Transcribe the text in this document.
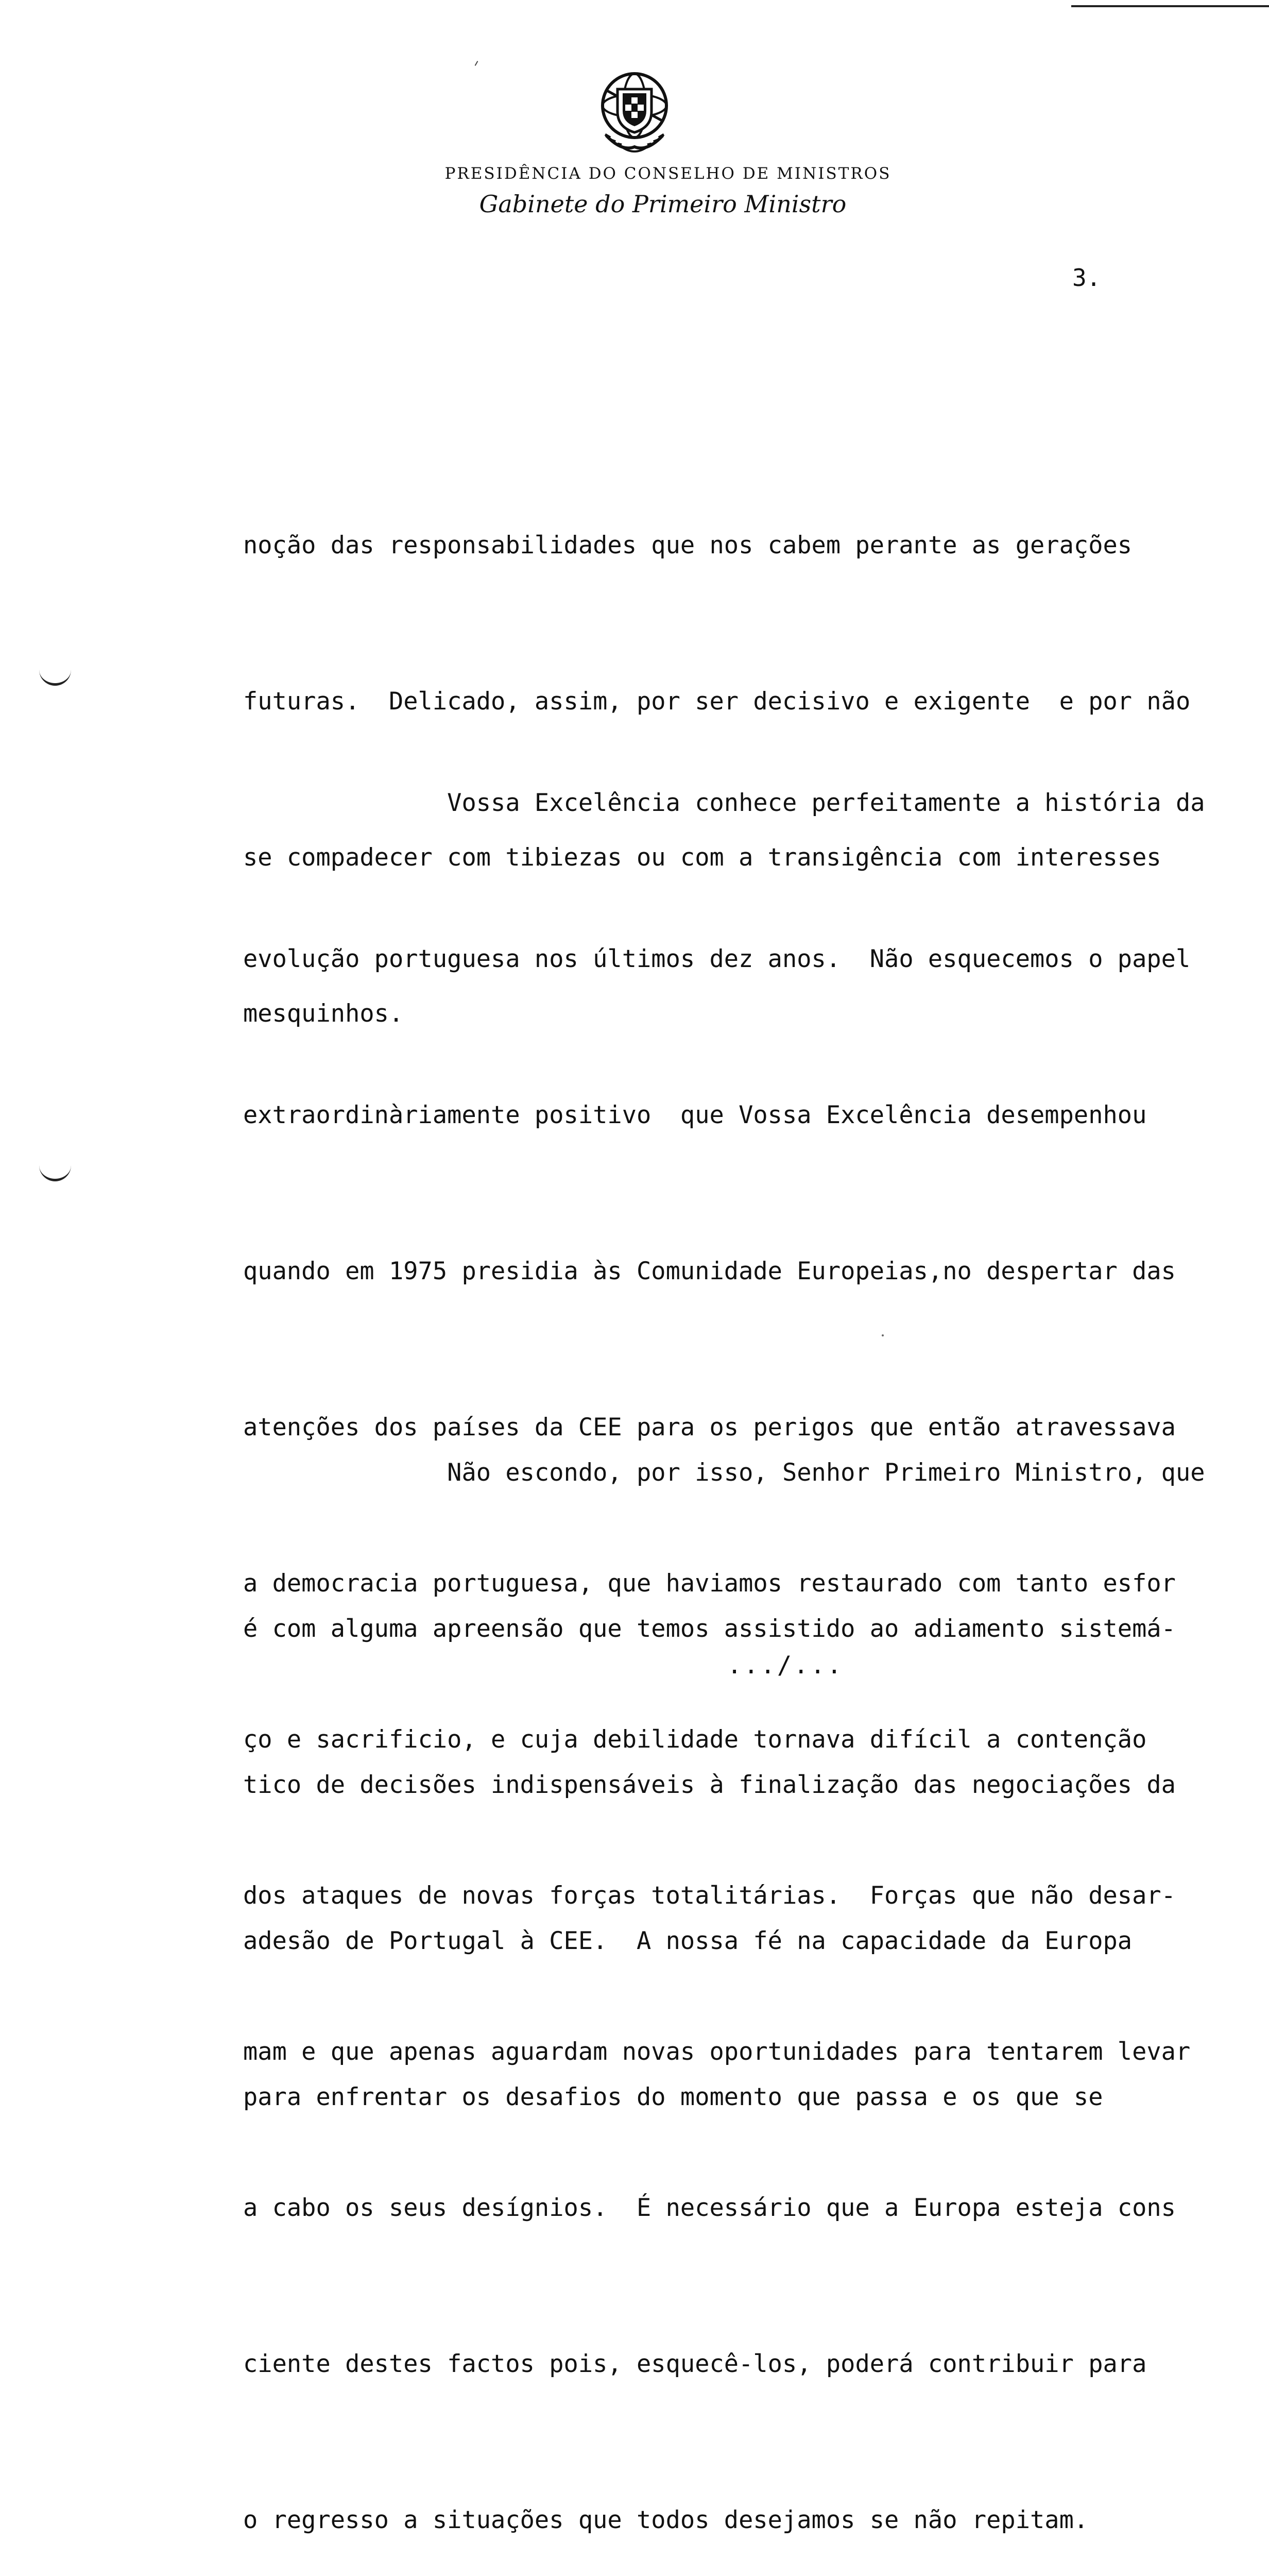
PRESIDÊNCIA DO CONSELHO DE MINISTROS
Gabinete do Primeiro Ministro
3.

noção das responsabilidades que nos cabem perante as gerações

futuras.  Delicado, assim, por ser decisivo e exigente  e por não

se compadecer com tibiezas ou com a transigência com interesses

mesquinhos.

Vossa Excelência conhece perfeitamente a história da

evolução portuguesa nos últimos dez anos.  Não esquecemos o papel

extraordinàriamente positivo  que Vossa Excelência desempenhou

quando em 1975 presidia às Comunidade Europeias,no despertar das

atenções dos países da CEE para os perigos que então atravessava

a democracia portuguesa, que haviamos restaurado com tanto esfor

ço e sacrificio, e cuja debilidade tornava difícil a contenção

dos ataques de novas forças totalitárias.  Forças que não desar-

mam e que apenas aguardam novas oportunidades para tentarem levar

a cabo os seus desígnios.  É necessário que a Europa esteja cons

ciente destes factos pois, esquecê-los, poderá contribuir para

o regresso a situações que todos desejamos se não repitam.

Não escondo, por isso, Senhor Primeiro Ministro, que

é com alguma apreensão que temos assistido ao adiamento sistemá-

tico de decisões indispensáveis à finalização das negociações da

adesão de Portugal à CEE.  A nossa fé na capacidade da Europa

para enfrentar os desafios do momento que passa e os que se

.../...
